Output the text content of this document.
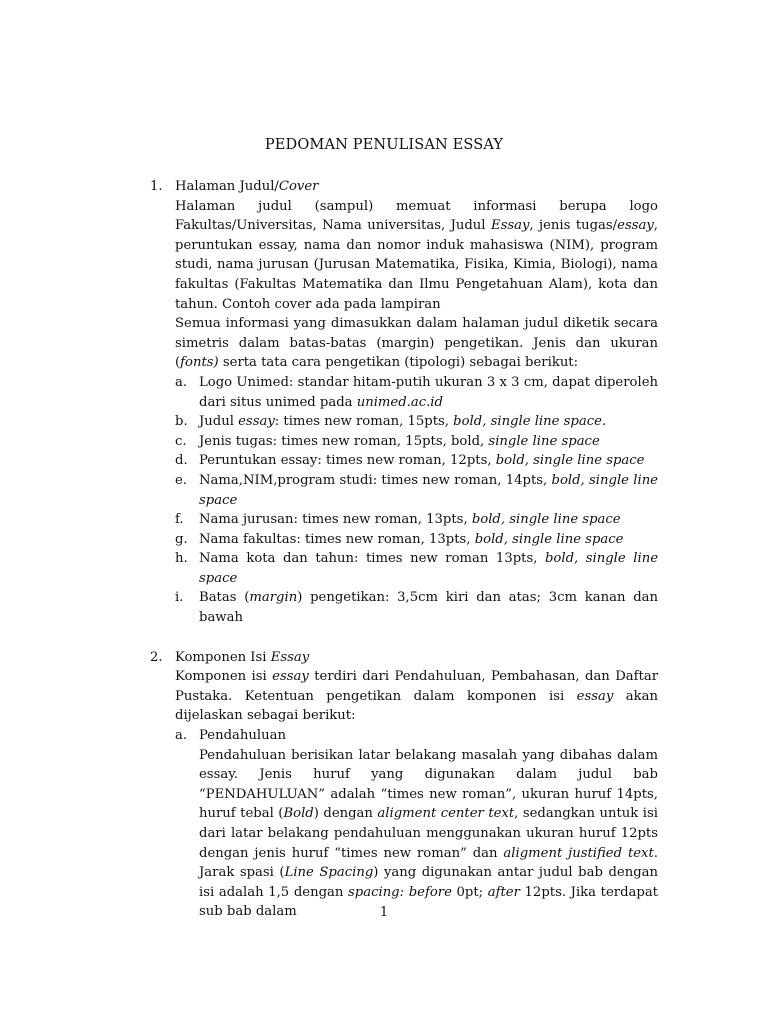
PEDOMAN PENULISAN ESSAY
1. Halaman Judul/Cover

Halaman judul (sampul) memuat informasi berupa logo Fakultas/Universitas, Nama universitas, Judul Essay, jenis tugas/essay, peruntukan essay, nama dan nomor induk mahasiswa (NIM), program studi, nama jurusan (Jurusan Matematika, Fisika, Kimia, Biologi), nama fakultas (Fakultas Matematika dan Ilmu Pengetahuan Alam), kota dan tahun. Contoh cover ada pada lampiran

Semua informasi yang dimasukkan dalam halaman judul diketik secara simetris dalam batas-batas (margin) pengetikan. Jenis dan ukuran (fonts) serta tata cara pengetikan (tipologi) sebagai berikut:

a. Logo Unimed: standar hitam-putih ukuran 3 x 3 cm, dapat diperoleh dari situs unimed pada unimed.ac.id
b. Judul essay: times new roman, 15pts, bold, single line space.
c. Jenis tugas: times new roman, 15pts, bold, single line space
d. Peruntukan essay: times new roman, 12pts, bold, single line space
e. Nama,NIM,program studi: times new roman, 14pts, bold, single line space
f. Nama jurusan: times new roman, 13pts, bold, single line space
g. Nama fakultas: times new roman, 13pts, bold, single line space
h. Nama kota dan tahun: times new roman 13pts, bold, single line space
i. Batas (margin) pengetikan: 3,5cm kiri dan atas; 3cm kanan dan bawah
2. Komponen Isi Essay

Komponen isi essay terdiri dari Pendahuluan, Pembahasan, dan Daftar Pustaka. Ketentuan pengetikan dalam komponen isi essay akan dijelaskan sebagai berikut:

a. Pendahuluan

Pendahuluan berisikan latar belakang masalah yang dibahas dalam essay. Jenis huruf yang digunakan dalam judul bab “PENDAHULUAN” adalah “times new roman”, ukuran huruf 14pts, huruf tebal (Bold) dengan aligment center text, sedangkan untuk isi dari latar belakang pendahuluan menggunakan ukuran huruf 12pts dengan jenis huruf “times new roman” dan aligment justified text. Jarak spasi (Line Spacing) yang digunakan antar judul bab dengan isi adalah 1,5 dengan spacing: before 0pt; after 12pts. Jika terdapat sub bab dalam	1
